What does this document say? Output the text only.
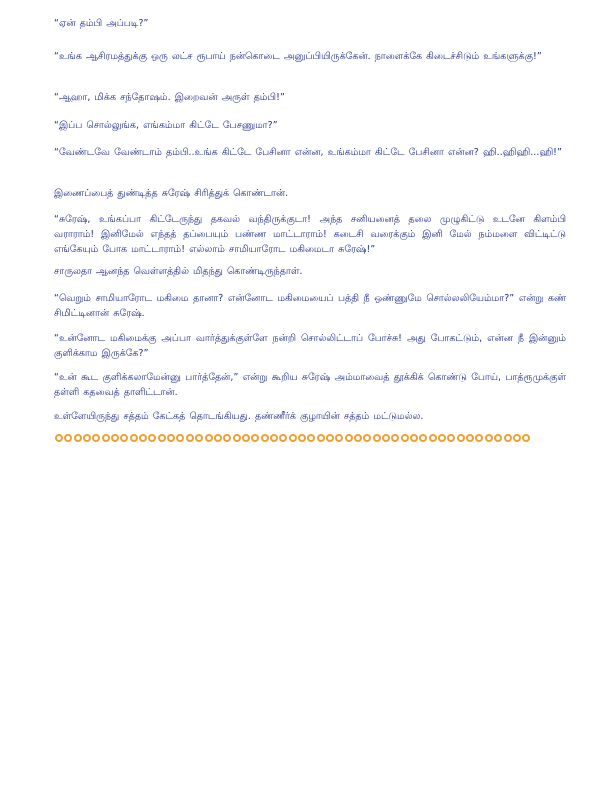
“ஏன் தம்பி அப்படி?”

“உங்க ஆசிரமத்துக்கு ஒரு லட்ச ரூபாய் நன்கொடை அனுப்பியிருக்கேன். நாளைக்கே கிடைச்சிடும் உங்களுக்கு!”

“ஆஹா, மிக்க சந்தோஷம். இறைவன் அருள் தம்பி!”

“இப்ப சொல்லுங்க, எங்கம்மா கிட்டே பேசணுமா?”

“வேண்டவே வேண்டாம் தம்பி..உங்க கிட்டே பேசினா என்ன, உங்கம்மா கிட்டே பேசினா என்ன? ஹி..ஹிஹி...ஹி!”

இணைப்பைத் துண்டித்த சுரேஷ் சிரித்துக் கொண்டான்.

“சுரேஷ், உங்கப்பா கிட்டேருந்து தகவல் வந்திருக்குடா! அந்த சனியனைத் தலை முழுகிட்டு உடனே கிளம்பி வராராம்! இனிமேல் எந்தத் தப்பையும் பண்ண மாட்டாராம்! கடைசி வரைக்கும் இனி மேல் நம்மளை விட்டிட்டு எங்கேயும் போக மாட்டாராம்! எல்லாம் சாமியாரோட மகிமைடா சுரேஷ்!”

சாருலதா ஆனந்த வெள்ளத்தில் மிதந்து கொண்டிருந்தாள்.

“வெறும் சாமியாரோட மகிமை தானா? என்னோட மகிமையைப் பத்தி நீ ஒண்ணுமே சொல்லலியேம்மா?” என்று கண் சிமிட்டினான் சுரேஷ்.

“உன்னோட மகிமைக்கு அப்பா வார்த்துக்குள்ளே நன்றி சொல்லிட்டாப் போச்சு! அது போகட்டும், என்ன நீ இன்னும் குளிக்காம இருக்கே?”

“உன் கூட குளிக்கலாமேன்னு பார்த்தேன்,” என்று கூறிய சுரேஷ் அம்மாவைத் தூக்கிக் கொண்டு போய், பாத்ரூமுக்குள் தள்ளி கதவைத் தாளிட்டான்.

உள்ளேயிருந்து சத்தம் கேட்கத் தொடங்கியது. தண்ணீர்க் குழாயின் சத்தம் மட்டுமல்ல.
